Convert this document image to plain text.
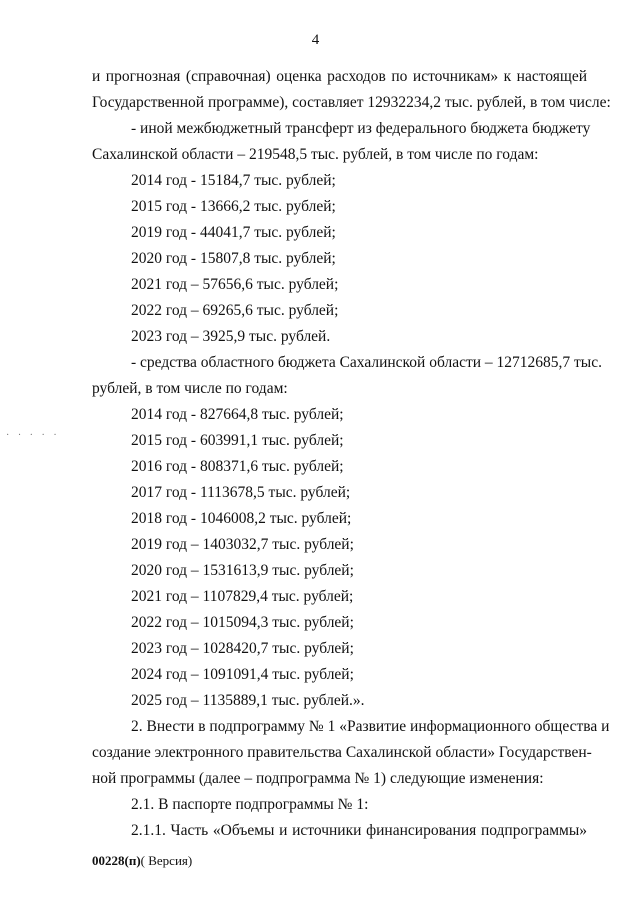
4
и прогнозная (справочная) оценка расходов по источникам» к настоящей
Государственной программе), составляет 12932234,2 тыс. рублей, в том числе:
- иной межбюджетный трансферт из федерального бюджета бюджету
Сахалинской области – 219548,5 тыс. рублей, в том числе по годам:
2014 год - 15184,7 тыс. рублей;
2015 год - 13666,2 тыс. рублей;
2019 год - 44041,7 тыс. рублей;
2020 год - 15807,8 тыс. рублей;
2021 год – 57656,6 тыс. рублей;
2022 год – 69265,6 тыс. рублей;
2023 год – 3925,9 тыс. рублей.
- средства областного бюджета Сахалинской области – 12712685,7 тыс.
рублей, в том числе по годам:
· · · · ·
2014 год - 827664,8 тыс. рублей;
2015 год - 603991,1 тыс. рублей;
2016 год - 808371,6 тыс. рублей;
2017 год - 1113678,5 тыс. рублей;
2018 год - 1046008,2 тыс. рублей;
2019 год – 1403032,7 тыс. рублей;
2020 год – 1531613,9 тыс. рублей;
2021 год – 1107829,4 тыс. рублей;
2022 год – 1015094,3 тыс. рублей;
2023 год – 1028420,7 тыс. рублей;
2024 год – 1091091,4 тыс. рублей;
2025 год – 1135889,1 тыс. рублей.».
2. Внести в подпрограмму № 1 «Развитие информационного общества и
создание электронного правительства Сахалинской области» Государствен-
ной программы (далее – подпрограмма № 1) следующие изменения:
2.1. В паспорте подпрограммы № 1:
2.1.1. Часть «Объемы и источники финансирования подпрограммы»
00228(п)( Версия)
